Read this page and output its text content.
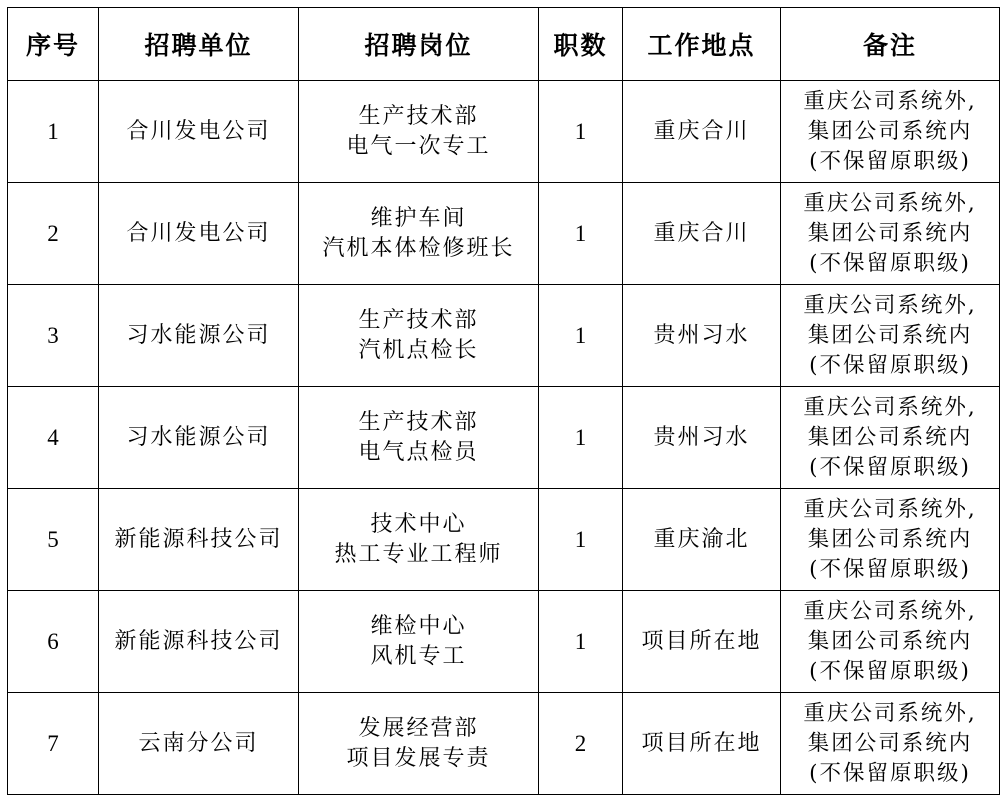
序号	招聘单位	招聘岗位	职数	工作地点	备注
1	合川发电公司	生产技术部
电气一次专工	1	重庆合川	重庆公司系统外,
集团公司系统内
(不保留原职级)

2	合川发电公司	维护车间
汽机本体检修班长	1	重庆合川	重庆公司系统外,
集团公司系统内
(不保留原职级)

3	习水能源公司	生产技术部
汽机点检长	1	贵州习水	重庆公司系统外,
集团公司系统内
(不保留原职级)

4	习水能源公司	生产技术部
电气点检员	1	贵州习水	重庆公司系统外,
集团公司系统内
(不保留原职级)

5	新能源科技公司	技术中心
热工专业工程师	1	重庆渝北	重庆公司系统外,
集团公司系统内
(不保留原职级)

6	新能源科技公司	维检中心
风机专工	1	项目所在地	重庆公司系统外,
集团公司系统内
(不保留原职级)

7	云南分公司	发展经营部
项目发展专责	2	项目所在地	重庆公司系统外,
集团公司系统内
(不保留原职级)
